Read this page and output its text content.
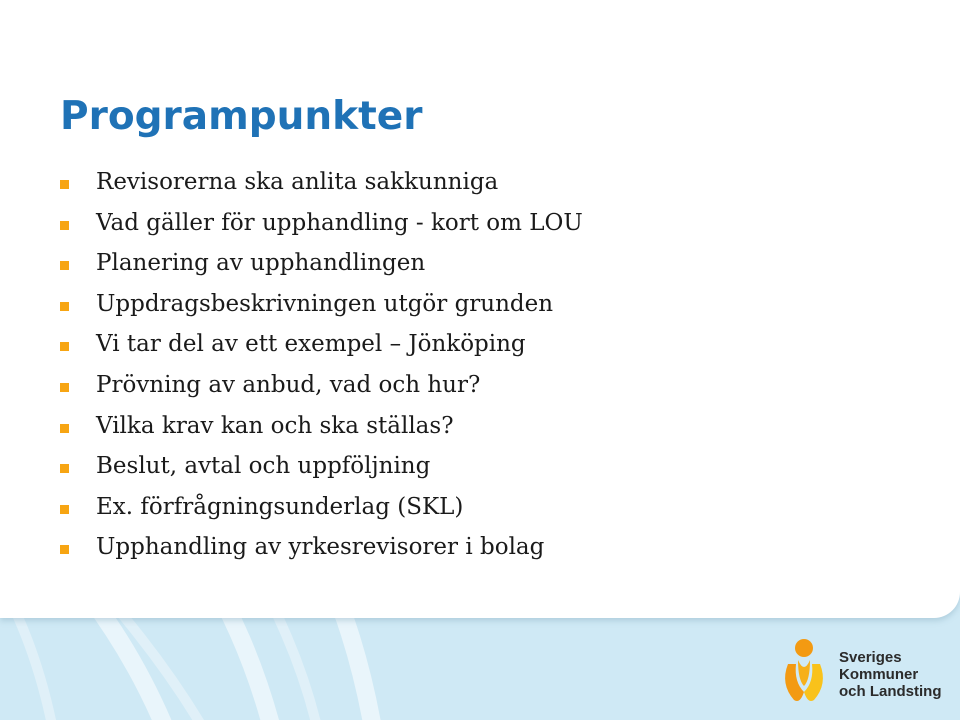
Programpunkter
Revisorerna ska anlita sakkunniga
Vad gäller för upphandling - kort om LOU
Planering av upphandlingen
Uppdragsbeskrivningen utgör grunden
Vi tar del av ett exempel – Jönköping
Prövning av anbud, vad och hur?
Vilka krav kan och ska ställas?
Beslut, avtal och uppföljning
Ex. förfrågningsunderlag (SKL)
Upphandling av yrkesrevisorer i bolag
Sveriges
Kommuner
och Landsting
